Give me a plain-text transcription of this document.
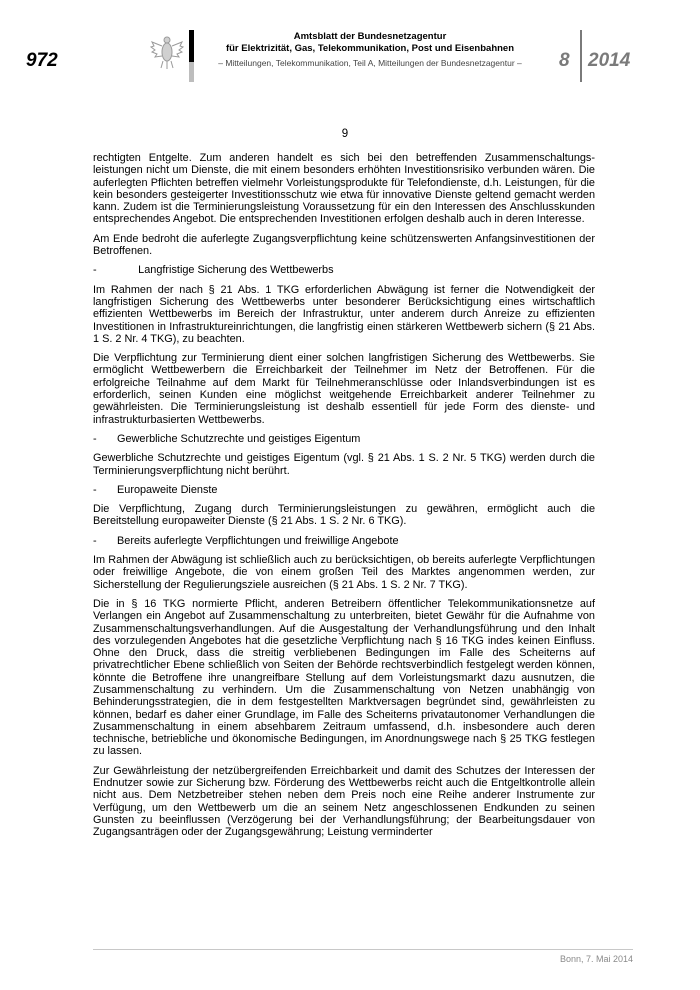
972
Amtsblatt der Bundesnetzagentur
für Elektrizität, Gas, Telekommunikation, Post und Eisenbahnen
– Mitteilungen, Telekommunikation, Teil A, Mitteilungen der Bundesnetzagentur –	8 2014
9

rechtigten Entgelte. Zum anderen handelt es sich bei den betreffenden Zusammenschaltungs-leistungen nicht um Dienste, die mit einem besonders erhöhten Investitionsrisiko verbunden wären. Die auferlegten Pflichten betreffen vielmehr Vorleistungsprodukte für Telefondienste, d.h. Leistungen, für die kein besonders gesteigerter Investitionsschutz wie etwa für innovative Dienste geltend gemacht werden kann. Zudem ist die Terminierungsleistung Voraussetzung für ein den Interessen des Anschlusskunden entsprechendes Angebot. Die entsprechenden Investitionen erfolgen deshalb auch in deren Interesse.

Am Ende bedroht die auferlegte Zugangsverpflichtung keine schützenswerten Anfangsinvestitionen der Betroffenen.

-	Langfristige Sicherung des Wettbewerbs

Im Rahmen der nach § 21 Abs. 1 TKG erforderlichen Abwägung ist ferner die Notwendigkeit der langfristigen Sicherung des Wettbewerbs unter besonderer Berücksichtigung eines wirtschaftlich effizienten Wettbewerbs im Bereich der Infrastruktur, unter anderem durch Anreize zu effizienten Investitionen in Infrastruktureinrichtungen, die langfristig einen stärkeren Wettbewerb sichern (§ 21 Abs. 1 S. 2 Nr. 4 TKG), zu beachten.

Die Verpflichtung zur Terminierung dient einer solchen langfristigen Sicherung des Wettbewerbs. Sie ermöglicht Wettbewerbern die Erreichbarkeit der Teilnehmer im Netz der Betroffenen. Für die erfolgreiche Teilnahme auf dem Markt für Teilnehmeranschlüsse oder Inlandsverbindungen ist es erforderlich, seinen Kunden eine möglichst weitgehende Erreichbarkeit anderer Teilnehmer zu gewährleisten. Die Terminierungsleistung ist deshalb essentiell für jede Form des dienste- und infrastrukturbasierten Wettbewerbs.

-	Gewerbliche Schutzrechte und geistiges Eigentum

Gewerbliche Schutzrechte und geistiges Eigentum (vgl. § 21 Abs. 1 S. 2 Nr. 5 TKG) werden durch die Terminierungsverpflichtung nicht berührt.

-	Europaweite Dienste

Die Verpflichtung, Zugang durch Terminierungsleistungen zu gewähren, ermöglicht auch die Bereitstellung europaweiter Dienste (§ 21 Abs. 1 S. 2 Nr. 6 TKG).

-	Bereits auferlegte Verpflichtungen und freiwillige Angebote

Im Rahmen der Abwägung ist schließlich auch zu berücksichtigen, ob bereits auferlegte Verpflichtungen oder freiwillige Angebote, die von einem großen Teil des Marktes angenommen werden, zur Sicherstellung der Regulierungsziele ausreichen (§ 21 Abs. 1 S. 2 Nr. 7 TKG).

Die in § 16 TKG normierte Pflicht, anderen Betreibern öffentlicher Telekommunikationsnetze auf Verlangen ein Angebot auf Zusammenschaltung zu unterbreiten, bietet Gewähr für die Aufnahme von Zusammenschaltungsverhandlungen. Auf die Ausgestaltung der Verhandlungsführung und den Inhalt des vorzulegenden Angebotes hat die gesetzliche Verpflichtung nach § 16 TKG indes keinen Einfluss. Ohne den Druck, dass die streitig verbliebenen Bedingungen im Falle des Scheiterns auf privatrechtlicher Ebene schließlich von Seiten der Behörde rechtsverbindlich festgelegt werden können, könnte die Betroffene ihre unangreifbare Stellung auf dem Vorleistungsmarkt dazu ausnutzen, die Zusammenschaltung zu verhindern. Um die Zusammenschaltung von Netzen unabhängig von Behinderungsstrategien, die in dem festgestellten Marktversagen begründet sind, gewährleisten zu können, bedarf es daher einer Grundlage, im Falle des Scheiterns privatautonomer Verhandlungen die Zusammenschaltung in einem absehbarem Zeitraum umfassend, d.h. insbesondere auch deren technische, betriebliche und ökonomische Bedingungen, im Anordnungswege nach § 25 TKG festlegen zu lassen.

Zur Gewährleistung der netzübergreifenden Erreichbarkeit und damit des Schutzes der Interessen der Endnutzer sowie zur Sicherung bzw. Förderung des Wettbewerbs reicht auch die Entgeltkontrolle allein nicht aus. Dem Netzbetreiber stehen neben dem Preis noch eine Reihe anderer Instrumente zur Verfügung, um den Wettbewerb um die an seinem Netz angeschlossenen Endkunden zu seinen Gunsten zu beeinflussen (Verzögerung bei der Verhandlungsführung; der Bearbeitungsdauer von Zugangsanträgen oder der Zugangsgewährung; Leistung verminderter

Bonn, 7. Mai 2014
